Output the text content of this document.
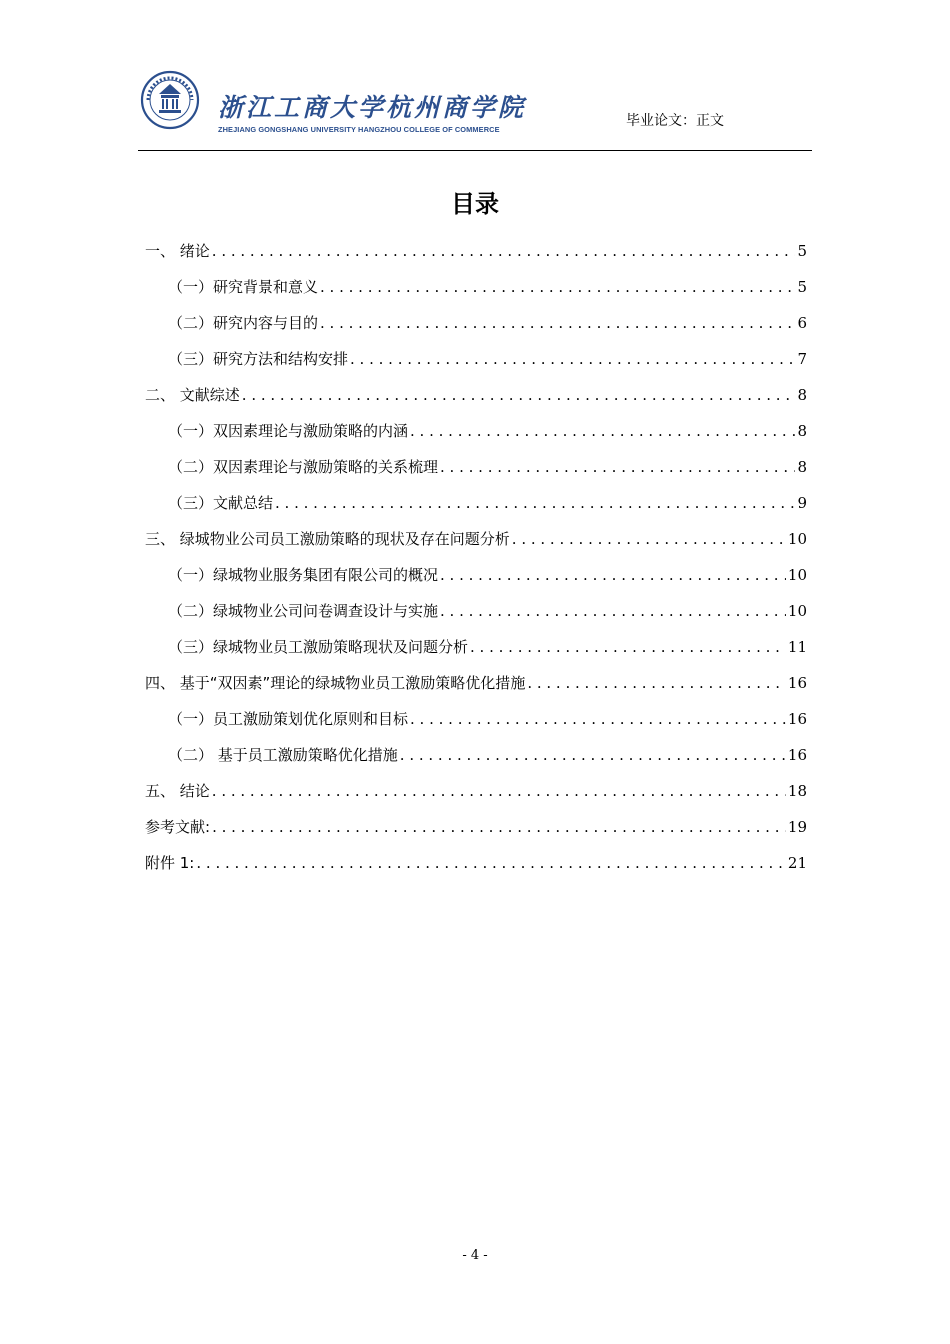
浙江工商大学杭州商学院
ZHEJIANG GONGSHANG UNIVERSITY HANGZHOU COLLEGE OF COMMERCE
毕业论文：正文
目录
一、 绪论 . . .	5
（一）研究背景和意义 . . .	5
（二）研究内容与目的 . . .	6
（三）研究方法和结构安排 . . .	7
二、 文献综述 . . .	8
（一）双因素理论与激励策略的内涵 . . .	8
（二）双因素理论与激励策略的关系梳理 . . .	8
（三）文献总结 . . .	9
三、 绿城物业公司员工激励策略的现状及存在问题分析 . . .	10
（一）绿城物业服务集团有限公司的概况 . . .	10
（二）绿城物业公司问卷调查设计与实施 . . .	10
（三）绿城物业员工激励策略现状及问题分析 . . .	11
四、 基于“双因素”理论的绿城物业员工激励策略优化措施 . . .	16
（一）员工激励策划优化原则和目标 . . .	16
（二） 基于员工激励策略优化措施 . . .	16
五、 结论 . . .	18
参考文献: . . .	19
附件 1: . . .	21
- 4 -
